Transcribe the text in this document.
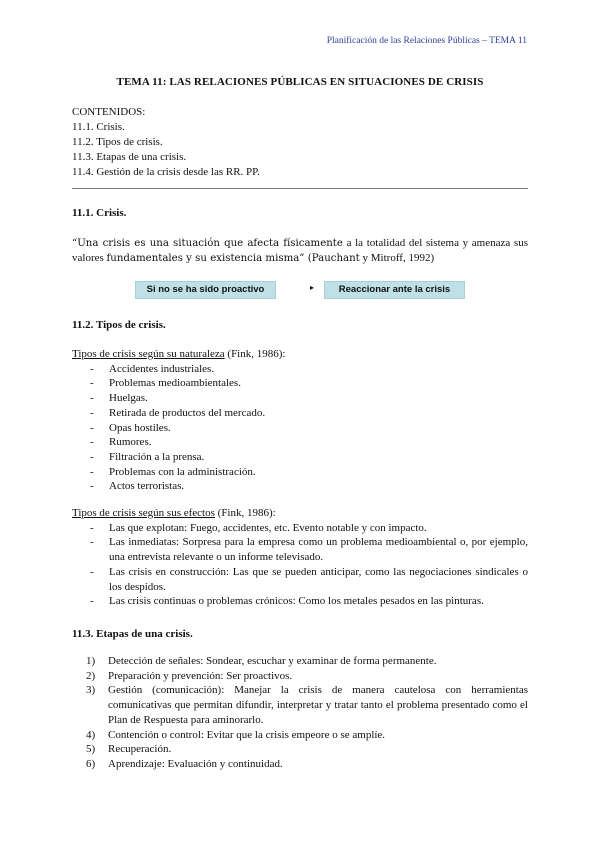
Planificación de las Relaciones Públicas – TEMA 11
TEMA 11: LAS RELACIONES PÚBLICAS EN SITUACIONES DE CRISIS
CONTENIDOS:
11.1. Crisis.
11.2. Tipos de crisis.
11.3. Etapas de una crisis.
11.4. Gestión de la crisis desde las RR. PP.
11.1. Crisis.
“Una crisis es una situación que afecta físicamente a la totalidad del sistema y amenaza sus valores fundamentales y su existencia misma” (Pauchant y Mitroff, 1992)
Si no se ha sido proactivo	▸	Reaccionar ante la crisis
11.2. Tipos de crisis.
Tipos de crisis según su naturaleza (Fink, 1986):
- Accidentes industriales.
- Problemas medioambientales.
- Huelgas.
- Retirada de productos del mercado.
- Opas hostiles.
- Rumores.
- Filtración a la prensa.
- Problemas con la administración.
- Actos terroristas.
Tipos de crisis según sus efectos (Fink, 1986):
- Las que explotan: Fuego, accidentes, etc. Evento notable y con impacto.
- Las inmediatas: Sorpresa para la empresa como un problema medioambiental o, por ejemplo, una entrevista relevante o un informe televisado.
- Las crisis en construcción: Las que se pueden anticipar, como las negociaciones sindicales o los despidos.
- Las crisis continuas o problemas crónicos: Como los metales pesados en las pinturas.
11.3. Etapas de una crisis.
1) Detección de señales: Sondear, escuchar y examinar de forma permanente.
2) Preparación y prevención: Ser proactivos.
3) Gestión (comunicación): Manejar la crisis de manera cautelosa con herramientas comunicativas que permitan difundir, interpretar y tratar tanto el problema presentado como el Plan de Respuesta para aminorarlo.
4) Contención o control: Evitar que la crisis empeore o se amplíe.
5) Recuperación.
6) Aprendizaje: Evaluación y continuidad.
